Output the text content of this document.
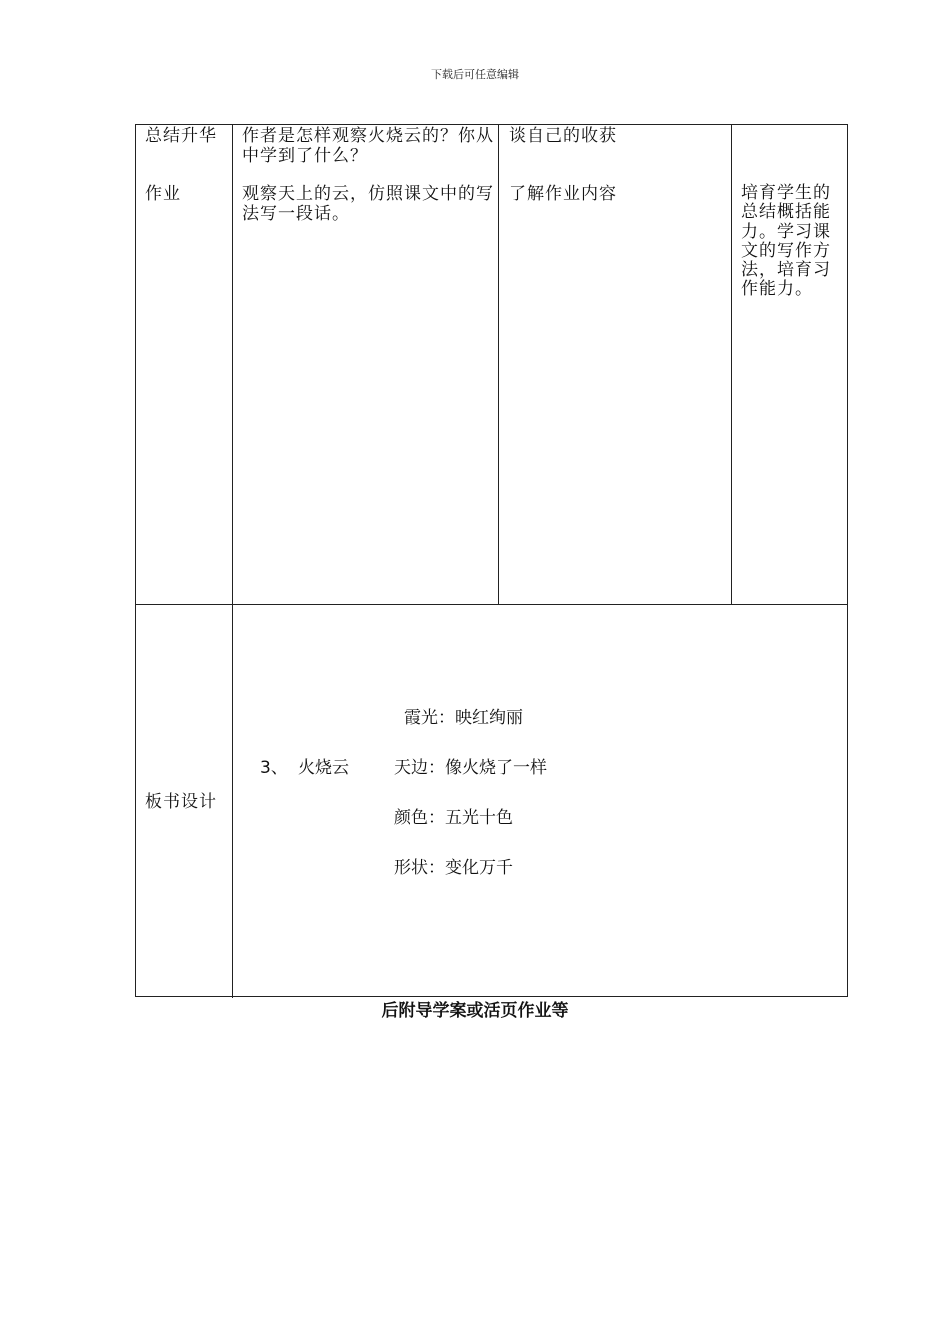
下载后可任意编辑
总结升华
作业
作者是怎样观察火烧云的？你从中学到了什么？
观察天上的云，仿照课文中的写法写一段话。
谈自己的收获
了解作业内容	培育学生的总结概括能力。学习课文的写作方法，培育习作能力。
板书设计
霞光：映红绚丽
3、 火烧云	天边：像火烧了一样
颜色：五光十色
形状：变化万千
后附导学案或活页作业等
